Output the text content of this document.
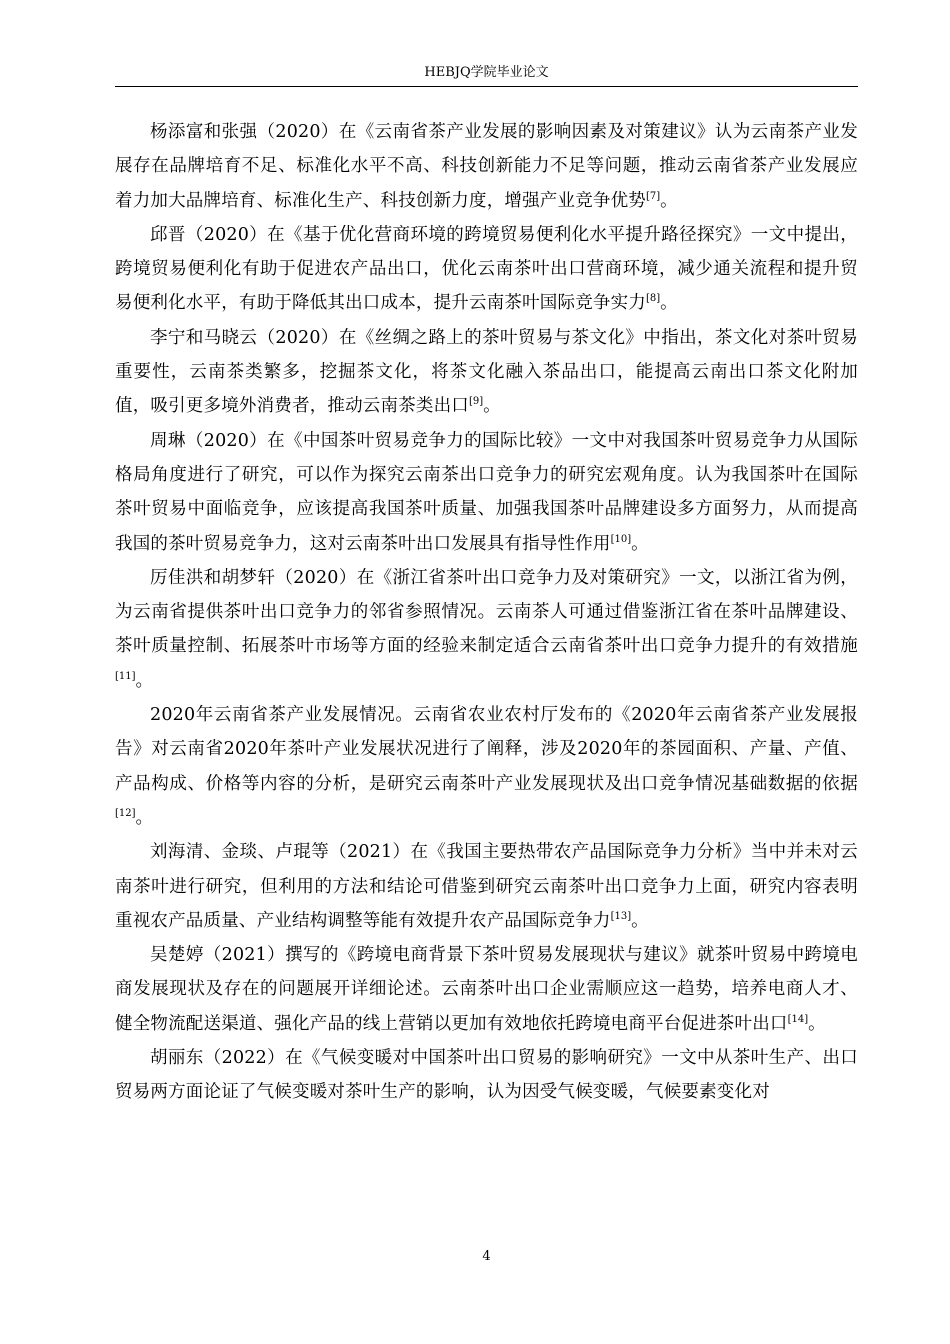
HEBJQ学院毕业论文

杨添富和张强（2020）在《云南省茶产业发展的影响因素及对策建议》认为云南茶产业发展存在品牌培育不足、标准化水平不高、科技创新能力不足等问题，推动云南省茶产业发展应着力加大品牌培育、标准化生产、科技创新力度，增强产业竞争优势[7]。

邱晋（2020）在《基于优化营商环境的跨境贸易便利化水平提升路径探究》一文中提出，跨境贸易便利化有助于促进农产品出口，优化云南茶叶出口营商环境，减少通关流程和提升贸易便利化水平，有助于降低其出口成本，提升云南茶叶国际竞争实力[8]。

李宁和马晓云（2020）在《丝绸之路上的茶叶贸易与茶文化》中指出，茶文化对茶叶贸易重要性，云南茶类繁多，挖掘茶文化，将茶文化融入茶品出口，能提高云南出口茶文化附加值，吸引更多境外消费者，推动云南茶类出口[9]。

周琳（2020）在《中国茶叶贸易竞争力的国际比较》一文中对我国茶叶贸易竞争力从国际格局角度进行了研究，可以作为探究云南茶出口竞争力的研究宏观角度。认为我国茶叶在国际茶叶贸易中面临竞争，应该提高我国茶叶质量、加强我国茶叶品牌建设多方面努力，从而提高我国的茶叶贸易竞争力，这对云南茶叶出口发展具有指导性作用[10]。

厉佳洪和胡梦轩（2020）在《浙江省茶叶出口竞争力及对策研究》一文，以浙江省为例，为云南省提供茶叶出口竞争力的邻省参照情况。云南茶人可通过借鉴浙江省在茶叶品牌建设、茶叶质量控制、拓展茶叶市场等方面的经验来制定适合云南省茶叶出口竞争力提升的有效措施[11]。

2020年云南省茶产业发展情况。云南省农业农村厅发布的《2020年云南省茶产业发展报告》对云南省2020年茶叶产业发展状况进行了阐释，涉及2020年的茶园面积、产量、产值、产品构成、价格等内容的分析，是研究云南茶叶产业发展现状及出口竞争情况基础数据的依据[12]。

刘海清、金琰、卢琨等（2021）在《我国主要热带农产品国际竞争力分析》当中并未对云南茶叶进行研究，但利用的方法和结论可借鉴到研究云南茶叶出口竞争力上面，研究内容表明重视农产品质量、产业结构调整等能有效提升农产品国际竞争力[13]。

吴楚婷（2021）撰写的《跨境电商背景下茶叶贸易发展现状与建议》就茶叶贸易中跨境电商发展现状及存在的问题展开详细论述。云南茶叶出口企业需顺应这一趋势，培养电商人才、健全物流配送渠道、强化产品的线上营销以更加有效地依托跨境电商平台促进茶叶出口[14]。

胡丽东（2022）在《气候变暖对中国茶叶出口贸易的影响研究》一文中从茶叶生产、出口贸易两方面论证了气候变暖对茶叶生产的影响，认为因受气候变暖，气候要素变化对

4
